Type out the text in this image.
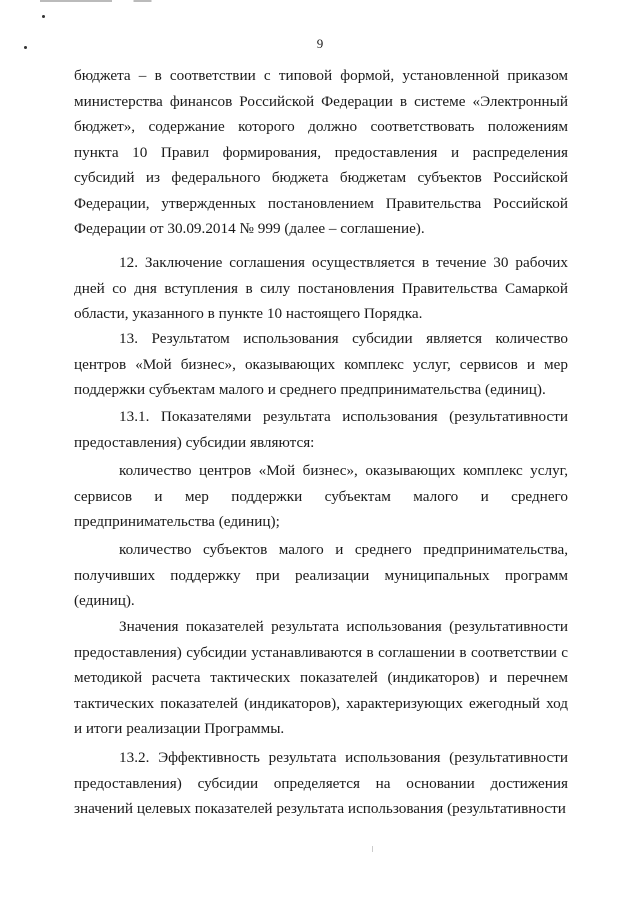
9

бюджета – в соответствии с типовой формой, установленной приказом министерства финансов Российской Федерации в системе «Электронный бюджет», содержание которого должно соответствовать положениям пункта 10 Правил формирования, предоставления и распределения субсидий из федерального бюджета бюджетам субъектов Российской Федерации, утвержденных постановлением Правительства Российской Федерации от 30.09.2014 № 999 (далее – соглашение).

12. Заключение соглашения осуществляется в течение 30 рабочих дней со дня вступления в силу постановления Правительства Самаркой области, указанного в пункте 10 настоящего Порядка.

13. Результатом использования субсидии является количество центров «Мой бизнес», оказывающих комплекс услуг, сервисов и мер поддержки субъектам малого и среднего предпринимательства (единиц).

13.1. Показателями результата использования (результативности предоставления) субсидии являются:

количество центров «Мой бизнес», оказывающих комплекс услуг, сервисов и мер поддержки субъектам малого и среднего предпринимательства (единиц);

количество субъектов малого и среднего предпринимательства, получивших поддержку при реализации муниципальных программ (единиц).

Значения показателей результата использования (результативности предоставления) субсидии устанавливаются в соглашении в соответствии с методикой расчета тактических показателей (индикаторов) и перечнем тактических показателей (индикаторов), характеризующих ежегодный ход и итоги реализации Программы.

13.2. Эффективность результата использования (результативности предоставления) субсидии определяется на основании достижения значений целевых показателей результата использования (результативности
